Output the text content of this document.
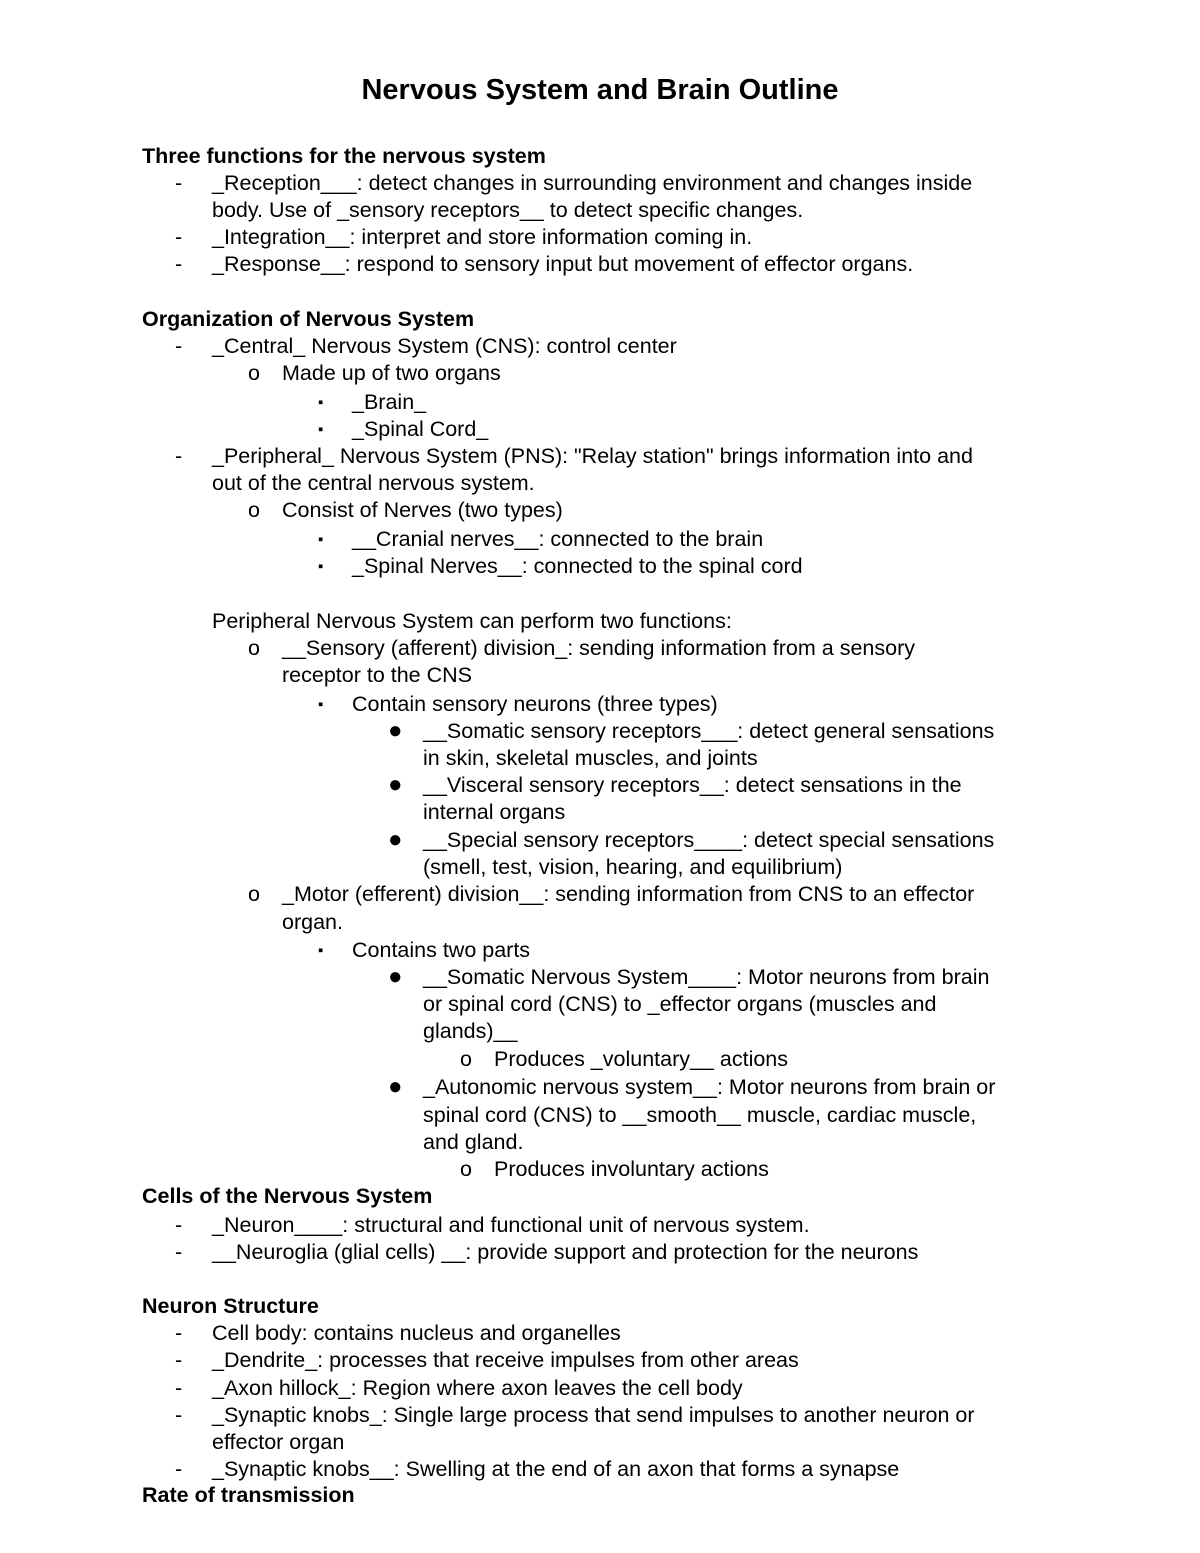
Nervous System and Brain Outline
Three functions for the nervous system
- _Reception___: detect changes in surrounding environment and changes inside
body. Use of _sensory receptors__ to detect specific changes.
- _Integration__: interpret and store information coming in.
- _Response__: respond to sensory input but movement of effector organs.
Organization of Nervous System
- _Central_ Nervous System (CNS): control center
o Made up of two organs
▪ _Brain_
▪ _Spinal Cord_
- _Peripheral_ Nervous System (PNS): "Relay station" brings information into and
out of the central nervous system.
o Consist of Nerves (two types)
▪ __Cranial nerves__: connected to the brain
▪ _Spinal Nerves__: connected to the spinal cord
Peripheral Nervous System can perform two functions:
o __Sensory (afferent) division_: sending information from a sensory
receptor to the CNS
▪ Contain sensory neurons (three types)
● __Somatic sensory receptors___: detect general sensations
in skin, skeletal muscles, and joints
● __Visceral sensory receptors__: detect sensations in the
internal organs
● __Special sensory receptors____: detect special sensations
(smell, test, vision, hearing, and equilibrium)
o _Motor (efferent) division__: sending information from CNS to an effector
organ.
▪ Contains two parts
● __Somatic Nervous System____: Motor neurons from brain
or spinal cord (CNS) to _effector organs (muscles and
glands)__
o Produces _voluntary__ actions
● _Autonomic nervous system__: Motor neurons from brain or
spinal cord (CNS) to __smooth__ muscle, cardiac muscle,
and gland.
o Produces involuntary actions
Cells of the Nervous System
- _Neuron____: structural and functional unit of nervous system.
- __Neuroglia (glial cells) __: provide support and protection for the neurons
Neuron Structure
- Cell body: contains nucleus and organelles
- _Dendrite_: processes that receive impulses from other areas
- _Axon hillock_: Region where axon leaves the cell body
- _Synaptic knobs_: Single large process that send impulses to another neuron or
effector organ
- _Synaptic knobs__: Swelling at the end of an axon that forms a synapse
Rate of transmission
